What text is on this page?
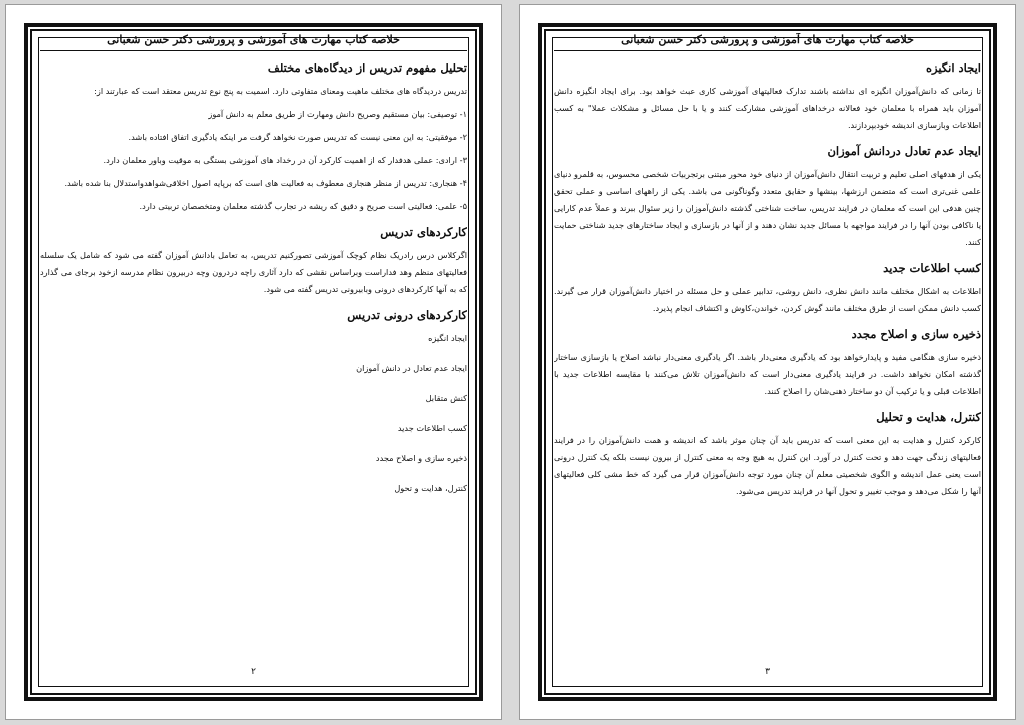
خلاصه کتاب مهارت های آموزشی و پرورشی دکتر حسن شعبانی
تحلیل مفهوم تدریس از دیدگاه‌های مختلف

تدریس دردیدگاه های مختلف ماهیت ومعنای متفاوتی دارد. اسمیت به پنج نوع تدریس معتقد است که عبارتند از:

۱- توصیفی: بیان مستقیم وصریح دانش ومهارت از طریق معلم به دانش آموز

۲- موفقیتی: به این معنی نیست که تدریس صورت نخواهد گرفت مر اینکه یادگیری اتفاق افتاده باشد.

۳- ارادی: عملی هدفدار که از اهمیت کارکرد آن در رخداد های آموزشی بستگی به موقیت وباور معلمان دارد.

۴- هنجاری: تدریس از منظر هنجاری معطوف به فعالیت های است که برپایه اصول اخلاقی‌شواهدواستدلال بنا شده باشد.

۵- علمی: فعالیتی است صریح و دقیق که ریشه در تجارب گذشته معلمان ومتخصصان تربیتی دارد.

کارکردهای تدریس

اگرکلاس درس رادریک نظام کوچک آموزشی تصورکنیم تدریس، به تعامل بادانش آموزان گفته می شود که شامل یک سلسله فعالیتهای منظم وهد فداراست وبراساس نقشی که دارد آثاری راچه دردرون وچه دربیرون نظام مدرسه ازخود برجای می گذارد که به آنها کارکردهای درونی وبابیرونی تدریس گفته می شود.

کارکردهای درونی تدریس
ایجاد انگیزه
ایجاد عدم تعادل در دانش آموزان
کنش متقابل
کسب اطلاعات جدید
ذخیره سازی و اصلاح مجدد
کنترل، هدایت و تحول
۲
خلاصه کتاب مهارت های آموزشی و پرورشی دکتر حسن شعبانی
ایجاد انگیزه

تا زمانی که دانش‌آموزان انگیزه ای نداشته باشند تدارک فعالیتهای آموزشی کاری عبث خواهد بود. برای ایجاد انگیزه دانش آموزان باید همراه با معلمان خود فعالانه درخداهای آموزشی مشارکت کنند و یا با حل مسائل و مشکلات عملا" به کسب اطلاعات وبازسازی اندیشه خودبپردازند.

ایجاد عدم تعادل دردانش آموزان

یکی از هدفهای اصلی تعلیم و تربیت انتقال دانش‌آموزان از دنیای خود محور مبتنی برتجربیات شخصی محسوس، به قلمرو دنیای علمی غنی‌تری است که متضمن ارزشها، بینشها و حقایق متعدد وگوناگونی می باشد. یکی از راههای اساسی و عملی تحقق چنین هدفی این است که معلمان در فرایند تدریس، ساخت شناختی گذشته دانش‌آموزان را زیر سئوال ببرند و عملاً عدم کارایی یا ناکافی بودن آنها را در فرایند مواجهه با مسائل جدید نشان دهند و از آنها در بازسازی و ایجاد ساختارهای جدید شناختی حمایت کنند.

کسب اطلاعات جدید

اطلاعات به اشکال مختلف مانند دانش نظری، دانش روشی، تدابیر عملی و حل مسئله در اختیار دانش‌آموزان قرار می گیرند. کسب دانش ممکن است از طرق مختلف مانند گوش کردن، خواندن،کاوش و اکتشاف انجام پذیرد.

ذخیره سازی و اصلاح مجدد

ذخیره سازی هنگامی مفید و پایدارخواهد بود که یادگیری معنی‌دار باشد. اگر یادگیری معنی‌دار نباشد اصلاح یا بازسازی ساختار گذشته امکان نخواهد داشت. در فرایند یادگیری معنی‌دار است که دانش‌آموزان تلاش می‌کنند با مقایسه اطلاعات جدید با اطلاعات قبلی و یا ترکیب آن دو ساختار ذهنی‌شان را اصلاح کنند.

کنترل، هدایت و تحلیل

کارکرد کنترل و هدایت به این معنی است که تدریس باید آن چنان موثر باشد که اندیشه و همت دانش‌آموزان را در فرایند فعالیتهای زندگی جهت دهد و تحت کنترل در آورد. این کنترل به هیچ وجه به معنی کنترل از بیرون نیست بلکه یک کنترل درونی است یعنی عمل اندیشه و الگوی شخصیتی معلم آن چنان مورد توجه دانش‌آموزان قرار می گیرد که خط مشی کلی فعالیتهای آنها را شکل می‌دهد و موجب تغییر و تحول آنها در فرایند تدریس می‌شود.

۳
